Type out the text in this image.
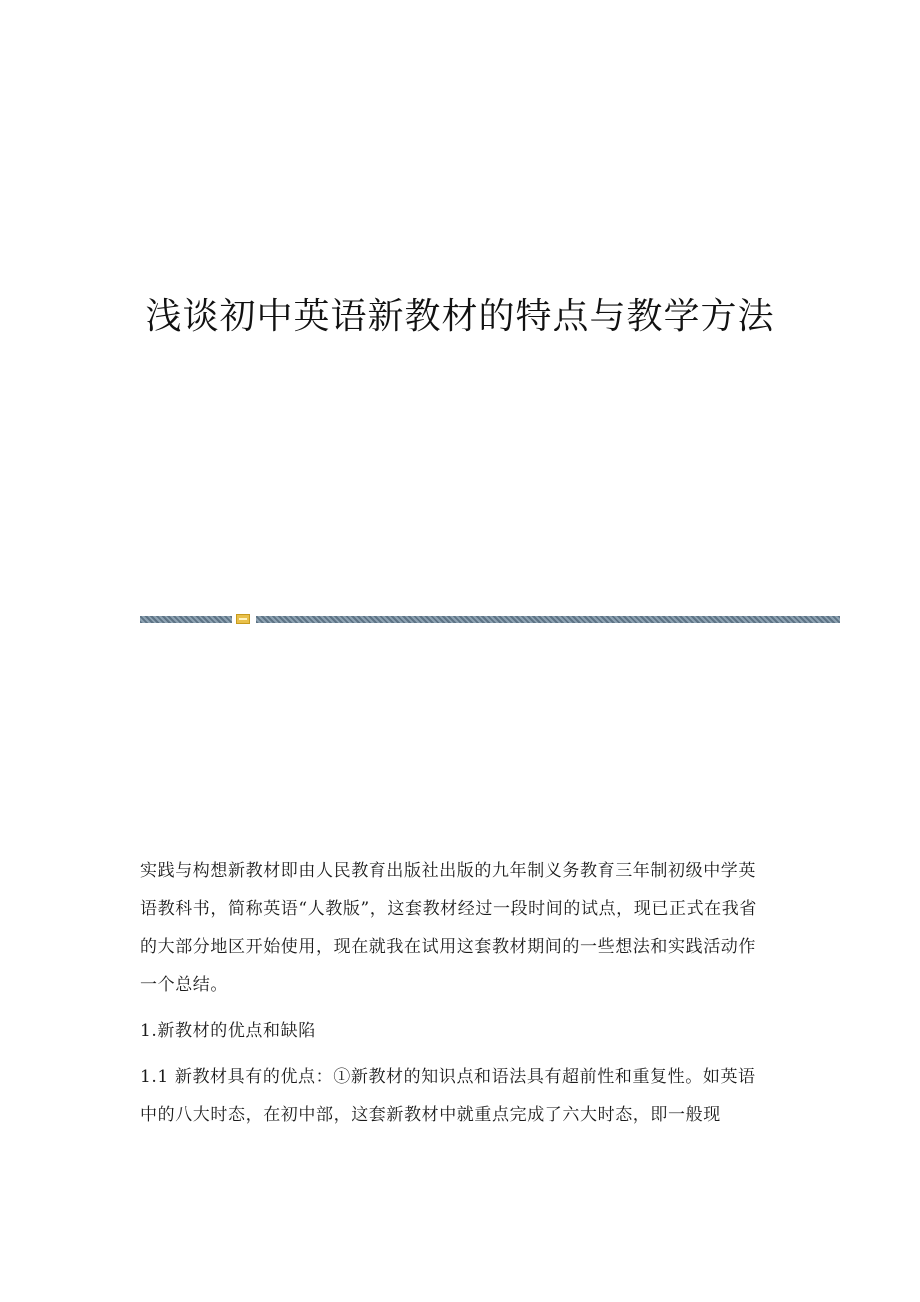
浅谈初中英语新教材的特点与教学方法

实践与构想新教材即由人民教育出版社出版的九年制义务教育三年制初级中学英语教科书，简称英语“人教版”，这套教材经过一段时间的试点，现已正式在我省的大部分地区开始使用，现在就我在试用这套教材期间的一些想法和实践活动作一个总结。

1.新教材的优点和缺陷

1.1 新教材具有的优点：①新教材的知识点和语法具有超前性和重复性。如英语中的八大时态，在初中部，这套新教材中就重点完成了六大时态，即一般现
